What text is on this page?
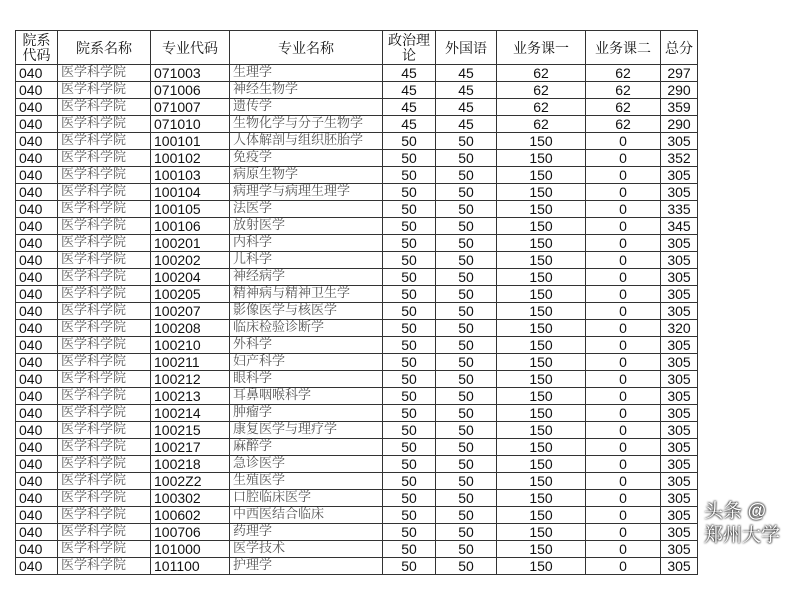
院系代码	院系名称	专业代码	专业名称	政治理论	外国语	业务课一	业务课二	总分
040	医学科学院	071003	生理学	45	45	62	62	297
040	医学科学院	071006	神经生物学	45	45	62	62	290
040	医学科学院	071007	遗传学	45	45	62	62	359
040	医学科学院	071010	生物化学与分子生物学	45	45	62	62	290
040	医学科学院	100101	人体解剖与组织胚胎学	50	50	150	0	305
040	医学科学院	100102	免疫学	50	50	150	0	352
040	医学科学院	100103	病原生物学	50	50	150	0	305
040	医学科学院	100104	病理学与病理生理学	50	50	150	0	305
040	医学科学院	100105	法医学	50	50	150	0	335
040	医学科学院	100106	放射医学	50	50	150	0	345
040	医学科学院	100201	内科学	50	50	150	0	305
040	医学科学院	100202	儿科学	50	50	150	0	305
040	医学科学院	100204	神经病学	50	50	150	0	305
040	医学科学院	100205	精神病与精神卫生学	50	50	150	0	305
040	医学科学院	100207	影像医学与核医学	50	50	150	0	305
040	医学科学院	100208	临床检验诊断学	50	50	150	0	320
040	医学科学院	100210	外科学	50	50	150	0	305
040	医学科学院	100211	妇产科学	50	50	150	0	305
040	医学科学院	100212	眼科学	50	50	150	0	305
040	医学科学院	100213	耳鼻咽喉科学	50	50	150	0	305
040	医学科学院	100214	肿瘤学	50	50	150	0	305
040	医学科学院	100215	康复医学与理疗学	50	50	150	0	305
040	医学科学院	100217	麻醉学	50	50	150	0	305
040	医学科学院	100218	急诊医学	50	50	150	0	305
040	医学科学院	1002Z2	生殖医学	50	50	150	0	305
040	医学科学院	100302	口腔临床医学	50	50	150	0	305
040	医学科学院	100602	中西医结合临床	50	50	150	0	305
040	医学科学院	100706	药理学	50	50	150	0	305
040	医学科学院	101000	医学技术	50	50	150	0	305
040	医学科学院	101100	护理学	50	50	150	0	305
头条 @郑州大学
